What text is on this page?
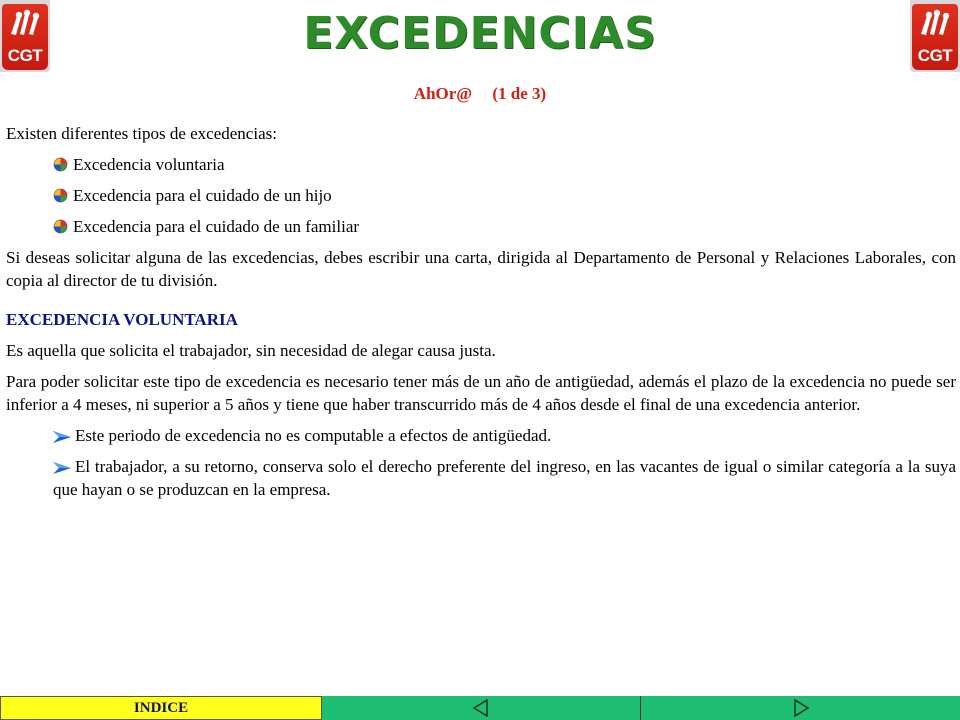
CGT	CGT
EXCEDENCIAS
AhOr@ (1 de 3)

Existen diferentes tipos de excedencias:

Excedencia voluntaria
Excedencia para el cuidado de un hijo
Excedencia para el cuidado de un familiar

Si deseas solicitar alguna de las excedencias, debes escribir una carta, dirigida al Departamento de Personal y Relaciones Laborales, con copia al director de tu división.

EXCEDENCIA VOLUNTARIA

Es aquella que solicita el trabajador, sin necesidad de alegar causa justa.

Para poder solicitar este tipo de excedencia es necesario tener más de un año de antigüedad, además el plazo de la excedencia no puede ser inferior a 4 meses, ni superior a 5 años y tiene que haber transcurrido más de 4 años desde el final de una excedencia anterior.

Este periodo de excedencia no es computable a efectos de antigüedad.
El trabajador, a su retorno, conserva solo el derecho preferente del ingreso, en las vacantes de igual o similar categoría a la suya que hayan o se produzcan en la empresa.
INDICE
